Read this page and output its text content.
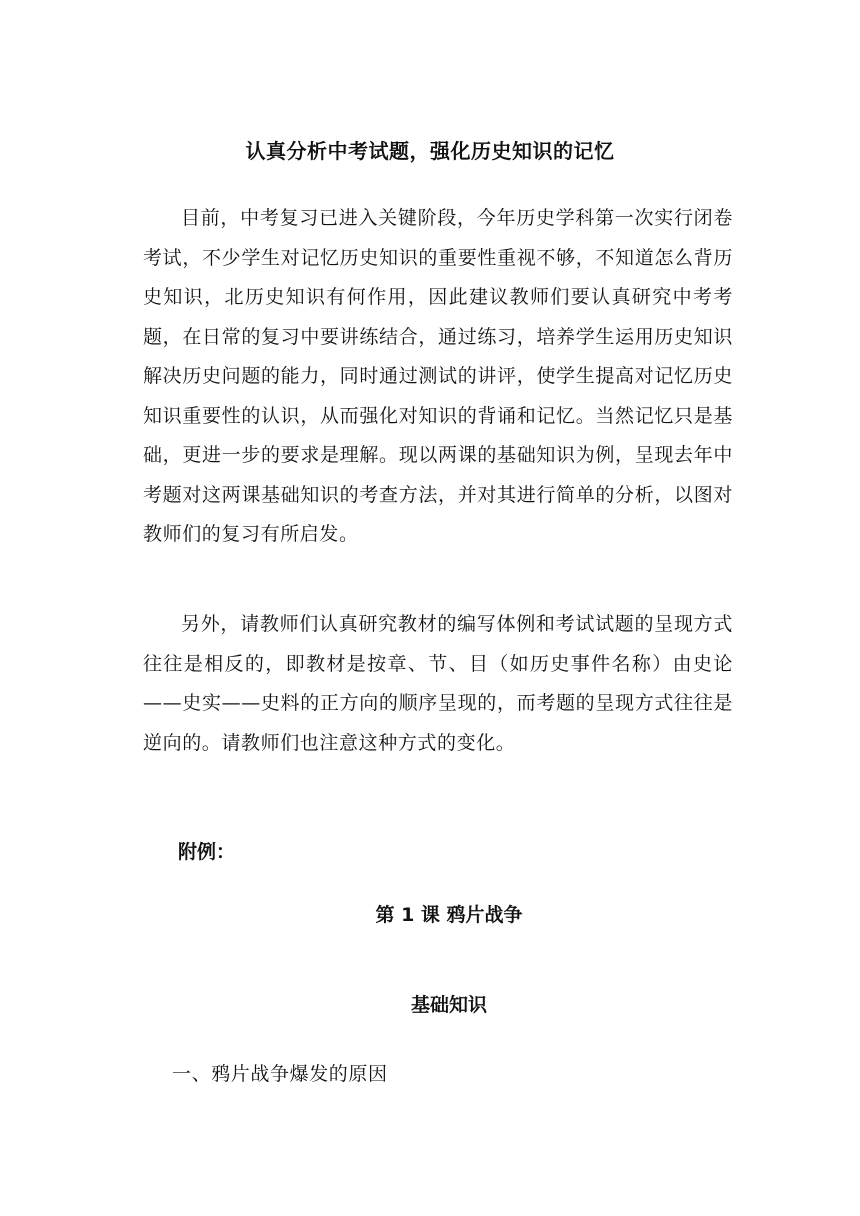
认真分析中考试题，强化历史知识的记忆

目前，中考复习已进入关键阶段，今年历史学科第一次实行闭卷考试，不少学生对记忆历史知识的重要性重视不够，不知道怎么背历史知识，北历史知识有何作用，因此建议教师们要认真研究中考考题，在日常的复习中要讲练结合，通过练习，培养学生运用历史知识解决历史问题的能力，同时通过测试的讲评，使学生提高对记忆历史知识重要性的认识，从而强化对知识的背诵和记忆。当然记忆只是基础，更进一步的要求是理解。现以两课的基础知识为例，呈现去年中考题对这两课基础知识的考查方法，并对其进行简单的分析，以图对教师们的复习有所启发。

另外，请教师们认真研究教材的编写体例和考试试题的呈现方式往往是相反的，即教材是按章、节、目（如历史事件名称）由史论——史实——史料的正方向的顺序呈现的，而考题的呈现方式往往是逆向的。请教师们也注意这种方式的变化。

附例：
第 1 课 鸦片战争
基础知识
一、鸦片战争爆发的原因
